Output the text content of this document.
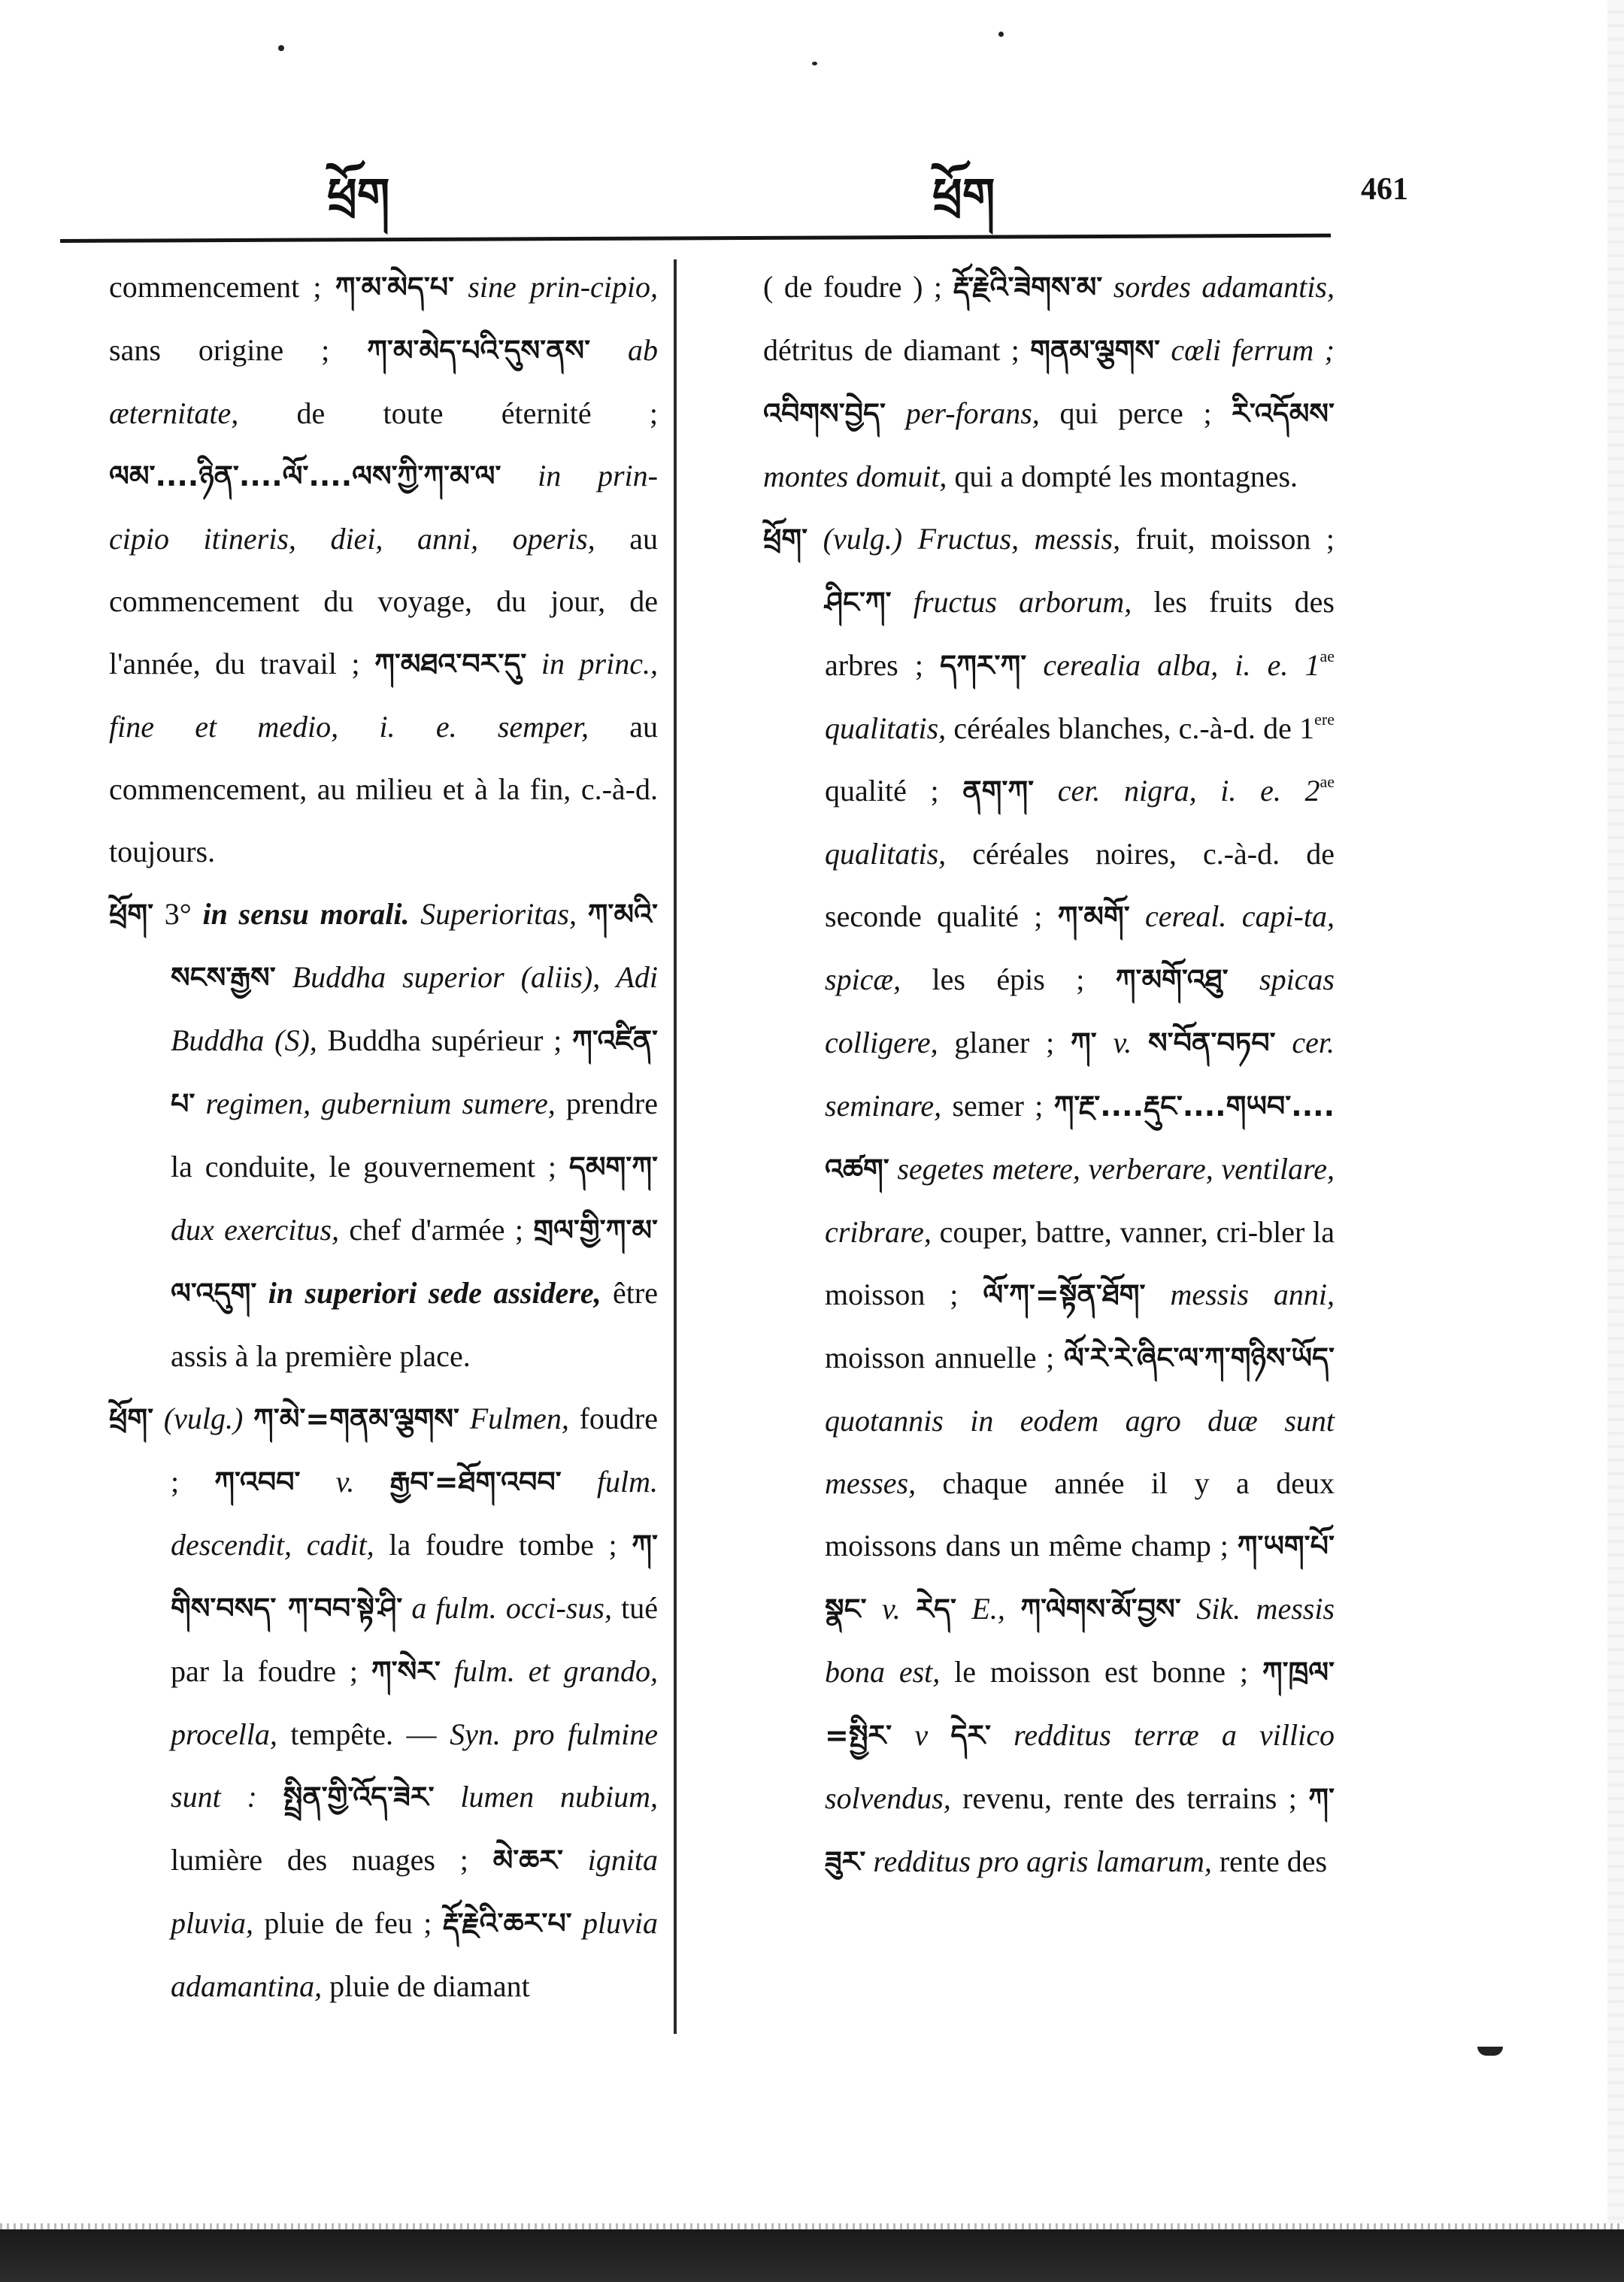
ཕྲོག	ཕྲོག	461

commencement ; ཀ་མ་མེད་པ་ sine prin-cipio, sans origine ; ཀ་མ་མེད་པའི་དུས་ནས་ ab æternitate, de toute éternité ; ལམ་....ཉིན་....ལོ་....ལས་ཀྱི་ཀ་མ་ལ་ in prin-cipio itineris, diei, anni, operis, au commencement du voyage, du jour, de l'année, du travail ; ཀ་མཐའ་བར་དུ་ in princ., fine et medio, i. e. semper, au commencement, au milieu et à la fin, c.-à-d. toujours.

ཕྲོག་ 3° in sensu morali. Superioritas, ཀ་མའི་སངས་རྒྱས་ Buddha superior (aliis), Adi Buddha (S), Buddha supérieur ; ཀ་འཛིན་པ་ regimen, gubernium sumere, prendre la conduite, le gouvernement ; དམག་ཀ་ dux exercitus, chef d'armée ; གྲལ་གྱི་ཀ་མ་ལ་འདུག་ in superiori sede assidere, être assis à la première place.

ཕྲོག་ (vulg.) ཀ་མེ་=གནམ་ལྕགས་ Fulmen, foudre ; ཀ་འབབ་ v. རྒྱབ་=ཐོག་འབབ་ fulm. descendit, cadit, la foudre tombe ; ཀ་གིས་བསད་ ཀ་བབ་སྟེ་ཤི་ a fulm. occi-sus, tué par la foudre ; ཀ་སེར་ fulm. et grando, procella, tempête. — Syn. pro fulmine sunt : སྤྲིན་གྱི་འོད་ཟེར་ lumen nubium, lumière des nuages ; མེ་ཆར་ ignita pluvia, pluie de feu ; རྡོ་རྗེའི་ཆར་པ་ pluvia adamantina, pluie de diamant

( de foudre ) ; རྡོ་རྗེའི་ཟེགས་མ་ sordes adamantis, détritus de diamant ; གནམ་ལྕགས་ cœli ferrum ; འབིགས་བྱེད་ per-forans, qui perce ; རི་འདོམས་ montes domuit, qui a dompté les montagnes.

ཕྲོག་ (vulg.) Fructus, messis, fruit, moisson ; ཤིང་ཀ་ fructus arborum, les fruits des arbres ; དཀར་ཀ་ cerealia alba, i. e. $1^{ae}$ qualitatis, céréales blanches, c.-à-d. de 1ere qualité ; ནག་ཀ་ cer. nigra, i. e. $2^{ae}$ qualitatis, céréales noires, c.-à-d. de seconde qualité ; ཀ་མགོ་ cereal. capi-ta, spicæ, les épis ; ཀ་མགོ་འཐུ་ spicas colligere, glaner ; ཀ་ v. ས་བོན་བཏབ་ cer. seminare, semer ; ཀ་རྔ་....རྡུང་....གཡབ་.... འཚག་ segetes metere, verberare, ventilare, cribrare, couper, battre, vanner, cri-bler la moisson ; ལོ་ཀ་=སྟོན་ཐོག་ messis anni, moisson annuelle ; ལོ་རེ་རེ་ཞིང་ལ་ཀ་གཉིས་ཡོད་ quotannis in eodem agro duæ sunt messes, chaque année il y a deux moissons dans un même champ ; ཀ་ཡག་པོ་སྣང་ v. རེད་ E., ཀ་ལེགས་མོ་བྱས་ Sik. messis bona est, le moisson est bonne ; ཀ་ཁྲལ་=སྤྱིར་ v དེར་ redditus terræ a villico solvendus, revenu, rente des terrains ; ཀ་ཟུར་ redditus pro agris lamarum, rente des
